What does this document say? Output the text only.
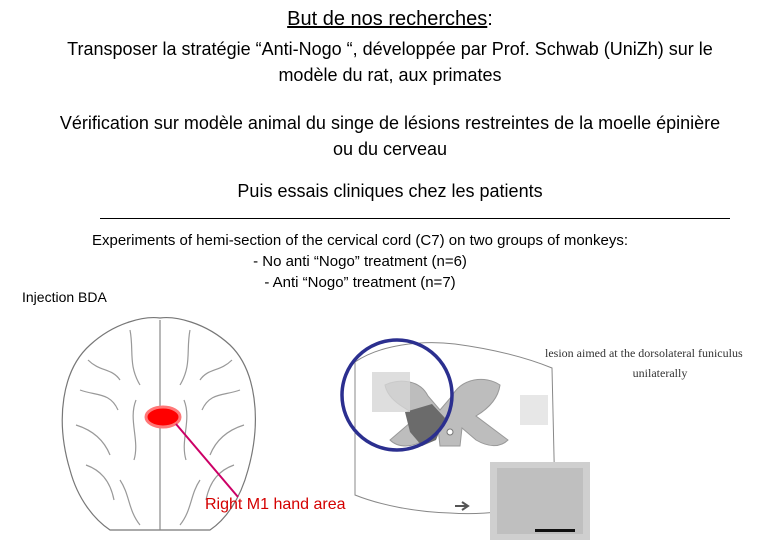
But de nos recherches:
Transposer la stratégie “Anti-Nogo “, développée par Prof. Schwab (UniZh) sur le
modèle du rat, aux primates
Vérification sur modèle animal du singe de lésions restreintes de la moelle épinière
ou du cerveau
Puis essais cliniques chez les patients
Experiments of hemi-section of the cervical cord (C7) on two groups of monkeys:
- No anti “Nogo” treatment (n=6)
- Anti “Nogo” treatment (n=7)
Injection BDA
lesion aimed at the dorsolateral funiculus
unilaterally
Right M1 hand area
